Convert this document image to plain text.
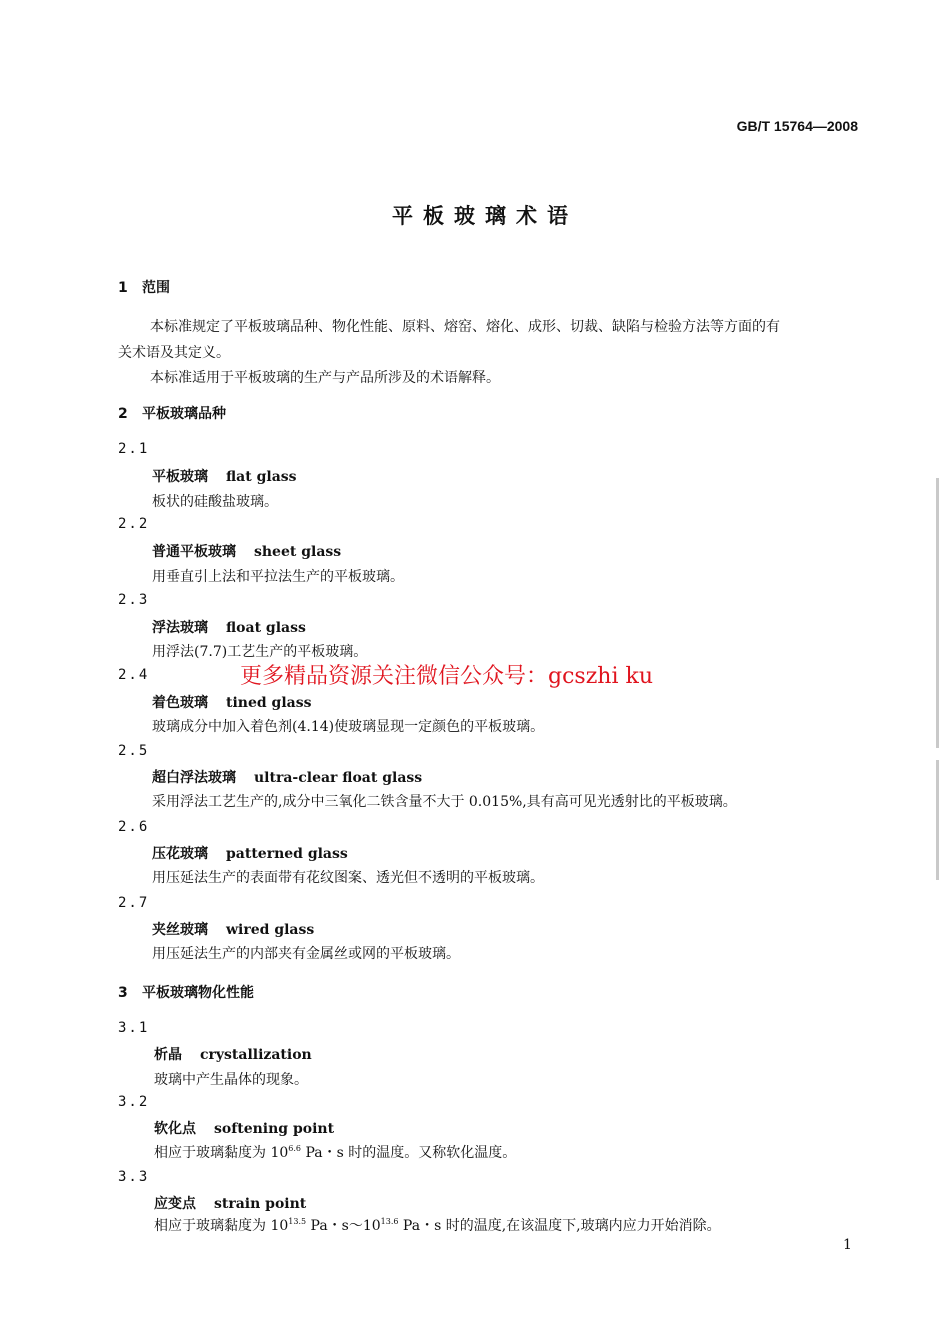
GB/T 15764—2008
平板玻璃术语
1 范围
本标准规定了平板玻璃品种、物化性能、原料、熔窑、熔化、成形、切裁、缺陷与检验方法等方面的有
关术语及其定义。
本标准适用于平板玻璃的生产与产品所涉及的术语解释。
2 平板玻璃品种
2.1
平板玻璃 flat glass
板状的硅酸盐玻璃。
2.2
普通平板玻璃 sheet glass
用垂直引上法和平拉法生产的平板玻璃。
2.3
浮法玻璃 float glass
用浮法(7.7)工艺生产的平板玻璃。
2.4
着色玻璃 tined glass
玻璃成分中加入着色剂(4.14)使玻璃显现一定颜色的平板玻璃。
2.5
超白浮法玻璃 ultra-clear float glass
采用浮法工艺生产的,成分中三氧化二铁含量不大于 0.015%,具有高可见光透射比的平板玻璃。
2.6
压花玻璃 patterned glass
用压延法生产的表面带有花纹图案、透光但不透明的平板玻璃。
2.7
夹丝玻璃 wired glass
用压延法生产的内部夹有金属丝或网的平板玻璃。
3 平板玻璃物化性能
3.1
析晶 crystallization
玻璃中产生晶体的现象。
3.2
软化点 softening point
相应于玻璃黏度为 $10^{6.6}$ Pa・s 时的温度。又称软化温度。
3.3
应变点 strain point
相应于玻璃黏度为 $10^{13.5}$ Pa・$s\sim 10^{13.6}$ Pa・s 时的温度,在该温度下,玻璃内应力开始消除。
更多精品资源关注微信公众号：gcszhi ku
1
